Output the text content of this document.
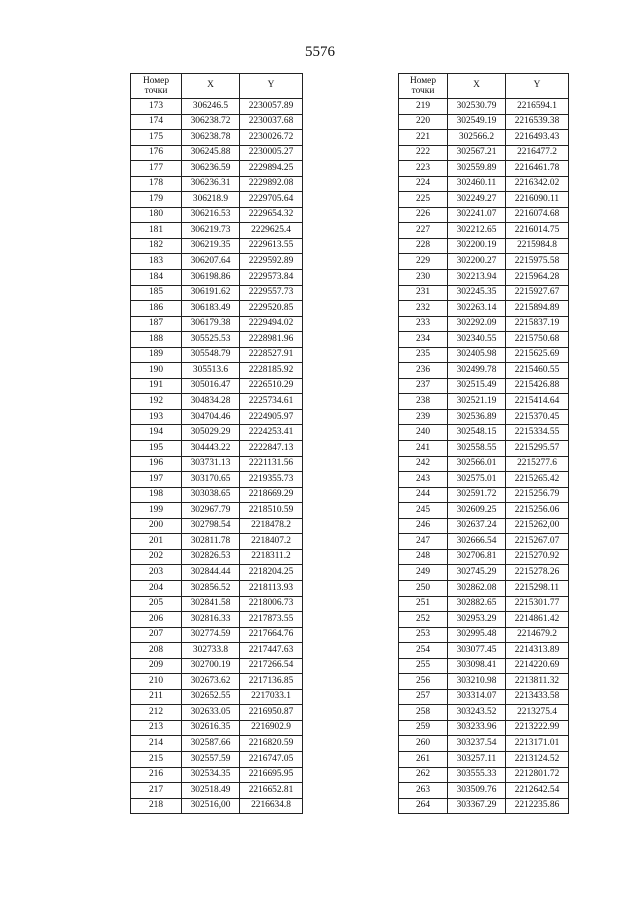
5576
Номер
точки	X	Y
173	306246.5	2230057.89
174	306238.72	2230037.68
175	306238.78	2230026.72
176	306245.88	2230005.27
177	306236.59	2229894.25
178	306236.31	2229892.08
179	306218.9	2229705.64
180	306216.53	2229654.32
181	306219.73	2229625.4
182	306219.35	2229613.55
183	306207.64	2229592.89
184	306198.86	2229573.84
185	306191.62	2229557.73
186	306183.49	2229520.85
187	306179.38	2229494.02
188	305525.53	2228981.96
189	305548.79	2228527.91
190	305513.6	2228185.92
191	305016.47	2226510.29
192	304834.28	2225734.61
193	304704.46	2224905.97
194	305029.29	2224253.41
195	304443.22	2222847.13
196	303731.13	2221131.56
197	303170.65	2219355.73
198	303038.65	2218669.29
199	302967.79	2218510.59
200	302798.54	2218478.2
201	302811.78	2218407.2
202	302826.53	2218311.2
203	302844.44	2218204.25
204	302856.52	2218113.93
205	302841.58	2218006.73
206	302816.33	2217873.55
207	302774.59	2217664.76
208	302733.8	2217447.63
209	302700.19	2217266.54
210	302673.62	2217136.85
211	302652.55	2217033.1
212	302633.05	2216950.87
213	302616.35	2216902.9
214	302587.66	2216820.59
215	302557.59	2216747.05
216	302534.35	2216695.95
217	302518.49	2216652.81
218	302516,00	2216634.8
Номер
точки	X	Y
219	302530.79	2216594.1
220	302549.19	2216539.38
221	302566.2	2216493.43
222	302567.21	2216477.2
223	302559.89	2216461.78
224	302460.11	2216342.02
225	302249.27	2216090.11
226	302241.07	2216074.68
227	302212.65	2216014.75
228	302200.19	2215984.8
229	302200.27	2215975.58
230	302213.94	2215964.28
231	302245.35	2215927.67
232	302263.14	2215894.89
233	302292.09	2215837.19
234	302340.55	2215750.68
235	302405.98	2215625.69
236	302499.78	2215460.55
237	302515.49	2215426.88
238	302521.19	2215414.64
239	302536.89	2215370.45
240	302548.15	2215334.55
241	302558.55	2215295.57
242	302566.01	2215277.6
243	302575.01	2215265.42
244	302591.72	2215256.79
245	302609.25	2215256.06
246	302637.24	2215262,00
247	302666.54	2215267.07
248	302706.81	2215270.92
249	302745.29	2215278.26
250	302862.08	2215298.11
251	302882.65	2215301.77
252	302953.29	2214861.42
253	302995.48	2214679.2
254	303077.45	2214313.89
255	303098.41	2214220.69
256	303210.98	2213811.32
257	303314.07	2213433.58
258	303243.52	2213275.4
259	303233.96	2213222.99
260	303237.54	2213171.01
261	303257.11	2213124.52
262	303555.33	2212801.72
263	303509.76	2212642.54
264	303367.29	2212235.86
